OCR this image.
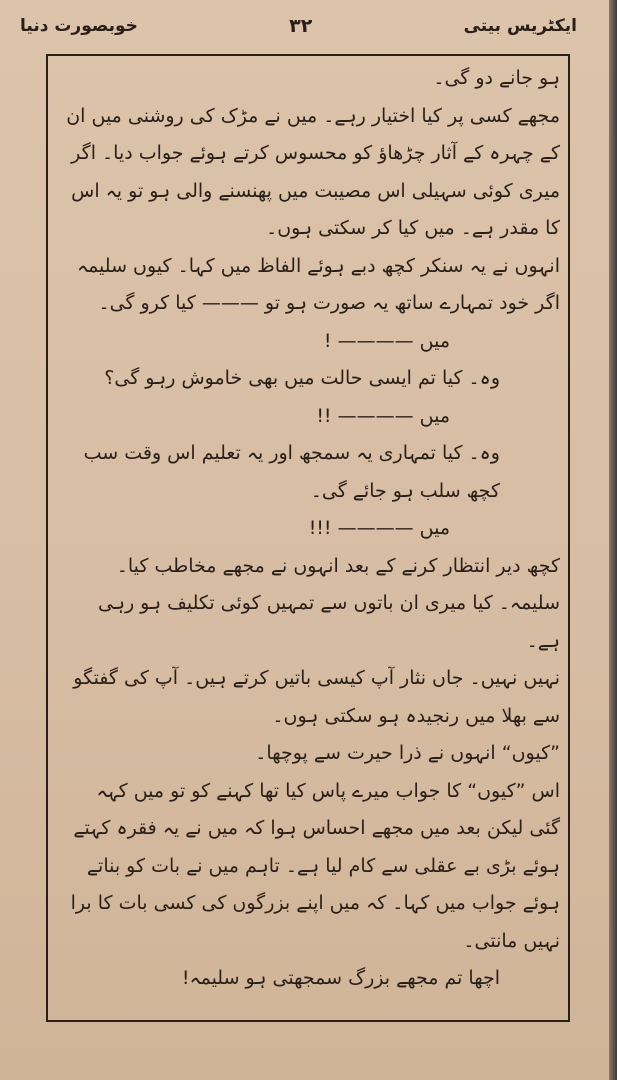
خوبصورت دنیا	۳۲	ایکٹریس بیتی

ہو جانے دو گی۔

مجھے کسی پر کیا اختیار رہے۔ میں نے مڑک کی روشنی میں ان کے چہرہ کے آثار چڑھاؤ کو محسوس کرتے ہوئے جواب دیا۔ اگر میری کوئی سہیلی اس مصیبت میں پھنسنے والی ہو تو یہ اس کا مقدر ہے۔ میں کیا کر سکتی ہوں۔

انہوں نے یہ سنکر کچھ دبے ہوئے الفاظ میں کہا۔ کیوں سلیمہ اگر خود تمہارے ساتھ یہ صورت ہو تو ——— کیا کرو گی۔

میں ———— !

وہ۔ کیا تم ایسی حالت میں بھی خاموش رہو گی؟

میں ———— !!

وہ۔ کیا تمہاری یہ سمجھ اور یہ تعلیم اس وقت سب کچھ سلب ہو جائے گی۔

میں ———— !!!

کچھ دیر انتظار کرنے کے بعد انہوں نے مجھے مخاطب کیا۔ سلیمہ۔ کیا میری ان باتوں سے تمہیں کوئی تکلیف ہو رہی ہے۔

نہیں نہیں۔ جاں نثار آپ کیسی باتیں کرتے ہیں۔ آپ کی گفتگو سے بھلا میں رنجیدہ ہو سکتی ہوں۔

”کیوں“ انہوں نے ذرا حیرت سے پوچھا۔

اس ”کیوں“ کا جواب میرے پاس کیا تھا کہنے کو تو میں کہہ گئی لیکن بعد میں مجھے احساس ہوا کہ میں نے یہ فقرہ کہتے ہوئے بڑی بے عقلی سے کام لیا ہے۔ تاہم میں نے بات کو بناتے ہوئے جواب میں کہا۔ کہ میں اپنے بزرگوں کی کسی بات کا برا نہیں مانتی۔

اچھا تم مجھے بزرگ سمجھتی ہو سلیمہ!
